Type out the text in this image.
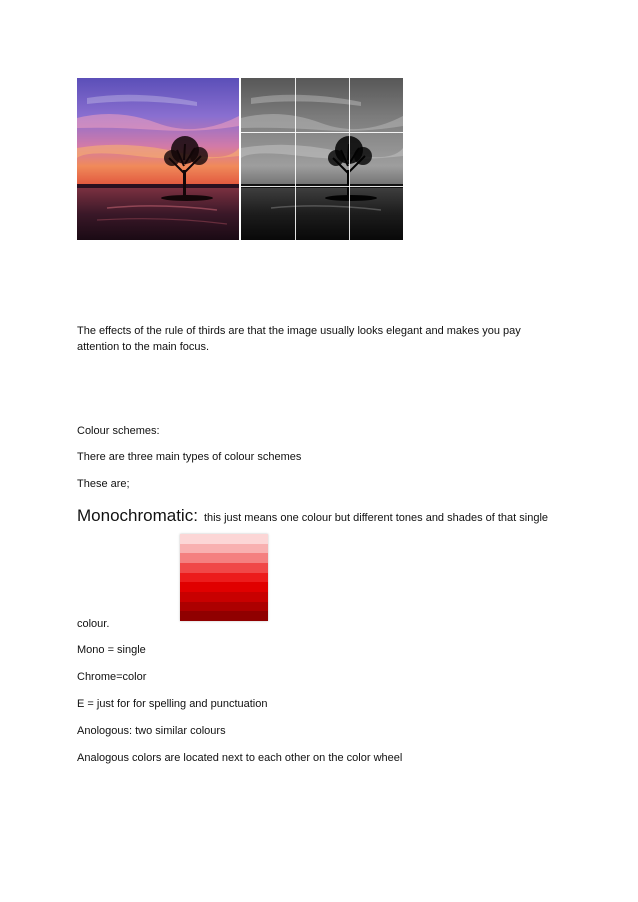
The effects of the rule of thirds are that the image usually looks elegant and makes you pay attention to the main focus.
Colour schemes:
There are three main types of colour schemes
These are;
Monochromatic: this just means one colour but different tones and shades of that single
colour.
Mono = single
Chrome=color
E = just for for spelling and punctuation
Anologous: two similar colours
Analogous colors are located next to each other on the color wheel
